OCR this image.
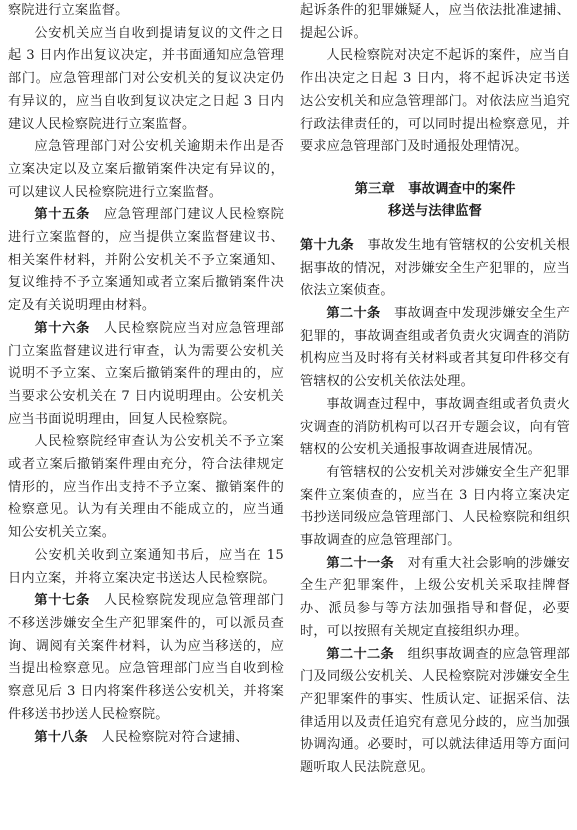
察院进行立案监督。

公安机关应当自收到提请复议的文件之日起 3 日内作出复议决定，并书面通知应急管理部门。应急管理部门对公安机关的复议决定仍有异议的，应当自收到复议决定之日起 3 日内建议人民检察院进行立案监督。

应急管理部门对公安机关逾期未作出是否立案决定以及立案后撤销案件决定有异议的，可以建议人民检察院进行立案监督。

第十五条　应急管理部门建议人民检察院进行立案监督的，应当提供立案监督建议书、相关案件材料，并附公安机关不予立案通知、复议维持不予立案通知或者立案后撤销案件决定及有关说明理由材料。

第十六条　人民检察院应当对应急管理部门立案监督建议进行审查，认为需要公安机关说明不予立案、立案后撤销案件的理由的，应当要求公安机关在 7 日内说明理由。公安机关应当书面说明理由，回复人民检察院。

人民检察院经审查认为公安机关不予立案或者立案后撤销案件理由充分，符合法律规定情形的，应当作出支持不予立案、撤销案件的检察意见。认为有关理由不能成立的，应当通知公安机关立案。

公安机关收到立案通知书后，应当在 15 日内立案，并将立案决定书送达人民检察院。

第十七条　人民检察院发现应急管理部门不移送涉嫌安全生产犯罪案件的，可以派员查询、调阅有关案件材料，认为应当移送的，应当提出检察意见。应急管理部门应当自收到检察意见后 3 日内将案件移送公安机关，并将案件移送书抄送人民检察院。

第十八条　人民检察院对符合逮捕、

起诉条件的犯罪嫌疑人，应当依法批准逮捕、提起公诉。

人民检察院对决定不起诉的案件，应当自作出决定之日起 3 日内，将不起诉决定书送达公安机关和应急管理部门。对依法应当追究行政法律责任的，可以同时提出检察意见，并要求应急管理部门及时通报处理情况。

第三章　事故调查中的案件
移送与法律监督

第十九条　事故发生地有管辖权的公安机关根据事故的情况，对涉嫌安全生产犯罪的，应当依法立案侦查。

第二十条　事故调查中发现涉嫌安全生产犯罪的，事故调查组或者负责火灾调查的消防机构应当及时将有关材料或者其复印件移交有管辖权的公安机关依法处理。

事故调查过程中，事故调查组或者负责火灾调查的消防机构可以召开专题会议，向有管辖权的公安机关通报事故调查进展情况。

有管辖权的公安机关对涉嫌安全生产犯罪案件立案侦查的，应当在 3 日内将立案决定书抄送同级应急管理部门、人民检察院和组织事故调查的应急管理部门。

第二十一条　对有重大社会影响的涉嫌安全生产犯罪案件，上级公安机关采取挂牌督办、派员参与等方法加强指导和督促，必要时，可以按照有关规定直接组织办理。

第二十二条　组织事故调查的应急管理部门及同级公安机关、人民检察院对涉嫌安全生产犯罪案件的事实、性质认定、证据采信、法律适用以及责任追究有意见分歧的，应当加强协调沟通。必要时，可以就法律适用等方面问题听取人民法院意见。
